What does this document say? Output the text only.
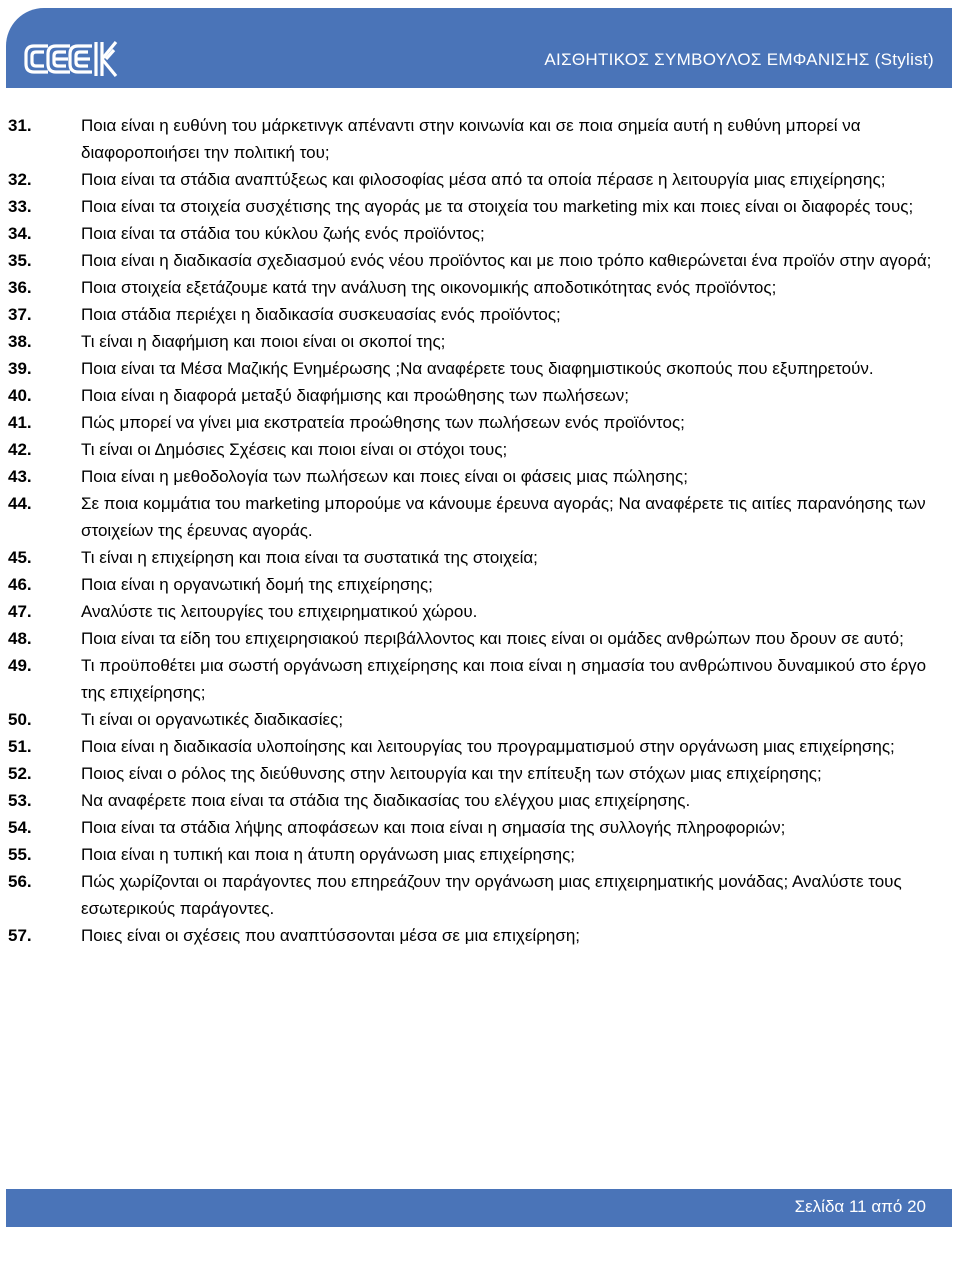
ΑΙΣΘΗΤΙΚΟΣ ΣΥΜΒΟΥΛΟΣ ΕΜΦΑΝΙΣΗΣ (Stylist)
31.	Ποια είναι η ευθύνη του μάρκετινγκ απέναντι στην κοινωνία και σε ποια σημεία αυτή η ευθύνη μπορεί να διαφοροποιήσει την πολιτική του;
32.	Ποια είναι τα στάδια αναπτύξεως και φιλοσοφίας μέσα από τα οποία πέρασε η λειτουργία μιας επιχείρησης;
33.	Ποια είναι τα στοιχεία συσχέτισης της αγοράς με τα στοιχεία του marketing mix και ποιες είναι οι διαφορές τους;
34.	Ποια είναι τα στάδια του κύκλου ζωής ενός προϊόντος;
35.	Ποια είναι η διαδικασία σχεδιασμού ενός νέου προϊόντος και με ποιο τρόπο καθιερώνεται ένα προϊόν στην αγορά;
36.	Ποια στοιχεία εξετάζουμε κατά την ανάλυση της οικονομικής αποδοτικότητας ενός προϊόντος;
37.	Ποια στάδια περιέχει η διαδικασία συσκευασίας ενός προϊόντος;
38.	Τι είναι η διαφήμιση και ποιοι είναι οι σκοποί της;
39.	Ποια είναι τα Μέσα Μαζικής Ενημέρωσης ;Να αναφέρετε τους διαφημιστικούς σκοπούς που εξυπηρετούν.
40.	Ποια είναι η διαφορά μεταξύ διαφήμισης και προώθησης των πωλήσεων;
41.	Πώς μπορεί να γίνει μια εκστρατεία προώθησης των πωλήσεων ενός προϊόντος;
42.	Τι είναι οι Δημόσιες Σχέσεις και ποιοι είναι οι στόχοι τους;
43.	Ποια είναι η μεθοδολογία των πωλήσεων και ποιες είναι οι φάσεις μιας πώλησης;
44.	Σε ποια κομμάτια του marketing μπορούμε να κάνουμε έρευνα αγοράς; Να αναφέρετε τις αιτίες παρανόησης των στοιχείων της έρευνας αγοράς.
45.	Τι είναι η επιχείρηση και ποια είναι τα συστατικά της στοιχεία;
46.	Ποια είναι η οργανωτική δομή της επιχείρησης;
47.	Αναλύστε τις λειτουργίες του επιχειρηματικού χώρου.
48.	Ποια είναι τα είδη του επιχειρησιακού περιβάλλοντος και ποιες είναι οι ομάδες ανθρώπων που δρουν σε αυτό;
49.	Τι προϋποθέτει μια σωστή οργάνωση επιχείρησης και ποια είναι η σημασία του ανθρώπινου δυναμικού στο έργο της επιχείρησης;
50.	Τι είναι οι οργανωτικές διαδικασίες;
51.	Ποια είναι η διαδικασία υλοποίησης και λειτουργίας του προγραμματισμού στην οργάνωση μιας επιχείρησης;
52.	Ποιος είναι ο ρόλος της διεύθυνσης στην λειτουργία και την επίτευξη των στόχων μιας επιχείρησης;
53.	Να αναφέρετε ποια είναι τα στάδια της διαδικασίας του ελέγχου μιας επιχείρησης.
54.	Ποια είναι τα στάδια λήψης αποφάσεων και ποια είναι η σημασία της συλλογής πληροφοριών;
55.	Ποια είναι η τυπική και ποια η άτυπη οργάνωση μιας επιχείρησης;
56.	Πώς χωρίζονται οι παράγοντες που επηρεάζουν την οργάνωση μιας επιχειρηματικής μονάδας; Αναλύστε τους εσωτερικούς παράγοντες.
57.	Ποιες είναι οι σχέσεις που αναπτύσσονται μέσα σε μια επιχείρηση;
Σελίδα 11 από 20
